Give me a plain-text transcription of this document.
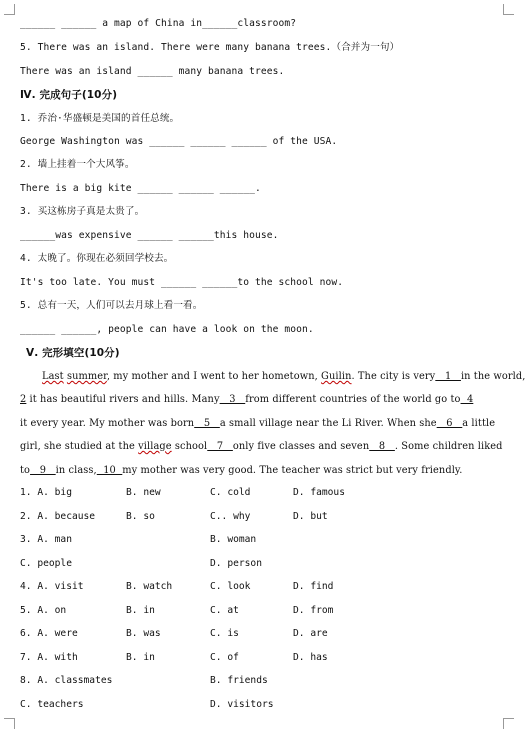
______ ______ a map of China in______classroom?
5. There was an island. There were many banana trees.（合并为一句）
There was an island ______ many banana trees.
Ⅳ. 完成句子(10分)
1. 乔治·华盛顿是美国的首任总统。
George Washington was ______ ______ ______ of the USA.
2. 墙上挂着一个大风筝。
There is a big kite ______ ______ ______.
3. 买这栋房子真是太贵了。
______was expensive ______ ______this house.
4. 太晚了。你现在必须回学校去。
It's too late. You must ______ ______to the school now.
5. 总有一天，人们可以去月球上看一看。
______ ______, people can have a look on the moon.
Ⅴ. 完形填空(10分)
Last summer, my mother and I went to her hometown, Guilin. The city is very   1   in the world,
2 it has beautiful rivers and hills. Many   3   from different countries of the world go to  4
it every year. My mother was born   5   a small village near the Li River. When she   6   a little
girl, she studied at the village school   7   only five classes and seven   8   . Some children liked
to   9   in class,  10  my mother was very good. The teacher was strict but very friendly.
1. A. big	B. new	C. cold	D. famous
2. A. because	B. so	C.. why	D. but
3. A. man	B. woman
C. people	D. person
4. A. visit	B. watch	C. look	D. find
5. A. on	B. in	C. at	D. from
6. A. were	B. was	C. is	D. are
7. A. with	B. in	C. of	D. has
8. A. classmates	B. friends
C. teachers	D. visitors
